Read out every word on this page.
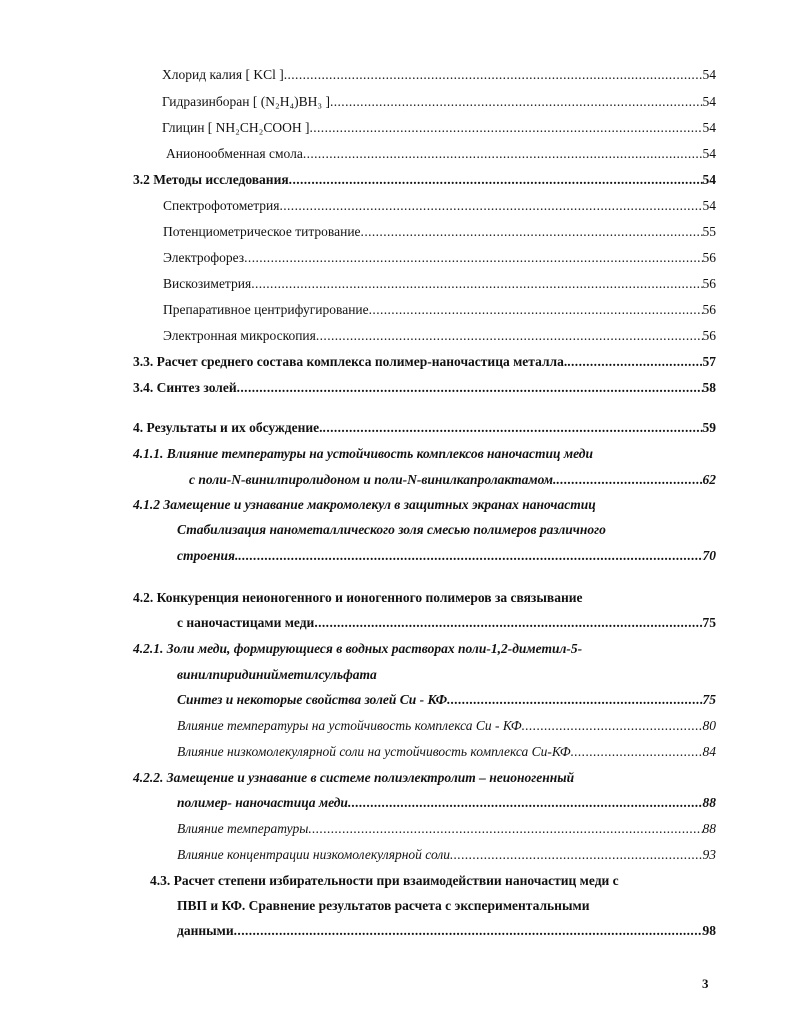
Хлорид калия [ KCl ] .....	54
Гидразинборан [ (N₂H₄)BH₃ ] .....	54
Глицин [ NH₂CH₂COOH ] .....	54
Анионообменная смола .....	54
3.2 Методы исследования .....	54
Спектрофотометрия .....	54
Потенциометрическое титрование .....	55
Электрофорез .....	56
Вискозиметрия .....	56
Препаративное центрифугирование .....	56
Электронная микроскопия .....	56
3.3. Расчет среднего состава комплекса полимер-наночастица металла. .....	57
3.4. Синтез золей .....	58
4. Результаты и их обсуждение. .....	59
4.1.1. Влияние температуры на устойчивость комплексов наночастиц меди
с поли-N-винилпиролидоном и поли-N-винилкапролактамом. .....	62
4.1.2 Замещение и узнавание макромолекул в защитных экранах наночастиц
Стабилизация нанометаллического золя смесью полимеров различного
строения. .....	70
4.2. Конкуренция неионогенного и ионогенного полимеров за связывание
с наночастицами меди .....	75
4.2.1. Золи меди, формирующиеся в водных растворах поли-1,2-диметил-5-
винилпиридинийметилсульфата
Синтез и некоторые свойства золей Cu - КФ .....	75
Влияние температуры на устойчивость комплекса Cu - КФ .....	80
Влияние низкомолекулярной соли на устойчивость комплекса Cu-КФ .....	84
4.2.2. Замещение и узнавание в системе полиэлектролит – неионогенный
полимер- наночастица меди .....	88
Влияние температуры .....	88
Влияние концентрации низкомолекулярной соли .....	93
4.3. Расчет степени избирательности при взаимодействии наночастиц меди с
ПВП и КФ. Сравнение результатов расчета с экспериментальными
данными .....	98
3
